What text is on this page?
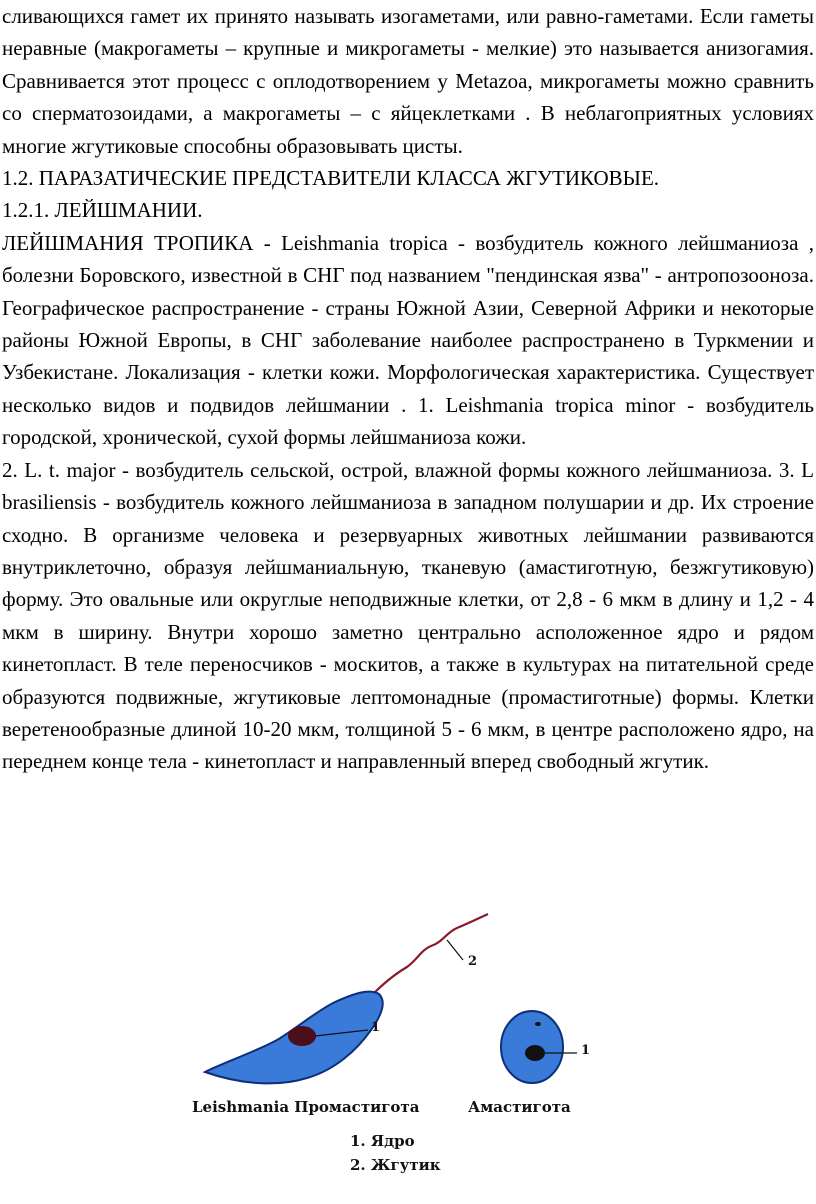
сливающихся гамет их принято называть изогаметами, или равно-гаметами. Если гаметы неравные (макрогаметы – крупные и микрогаметы - мелкие) это называется анизогамия. Сравнивается этот процесс с оплодотворением у Metazoa, микрогаметы можно сравнить со сперматозоидами, а макрогаметы – с яйцеклетками . В неблагоприятных условиях многие жгутиковые способны образовывать цисты.

1.2. ПАРАЗАТИЧЕСКИЕ ПРЕДСТАВИТЕЛИ КЛАССА ЖГУТИКОВЫЕ.

1.2.1. ЛЕЙШМАНИИ.

ЛЕЙШМАНИЯ ТРОПИКА - Leishmania tropica - возбудитель кожного лейшманиоза , болезни Боровского, известной в СНГ под названием "пендинская язва" - антропозооноза. Географическое распространение - страны Южной Азии, Северной Африки и некоторые районы Южной Европы, в СНГ заболевание наиболее распространено в Туркмении и Узбекистане. Локализация - клетки кожи. Морфологическая характеристика. Существует несколько видов и подвидов лейшмании . 1. Leishmania tropica minor - возбудитель городской, хронической, сухой формы лейшманиоза кожи.

2. L. t. major - возбудитель сельской, острой, влажной формы кожного лейшманиоза. 3. L brasiliensis - возбудитель кожного лейшманиоза в западном полушарии и др. Их строение сходно. В организме человека и резервуарных животных лейшмании развиваются внутриклеточно, образуя лейшманиальную, тканевую (амастиготную, безжгутиковую) форму. Это овальные или округлые неподвижные клетки, от 2,8 - 6 мкм в длину и 1,2 - 4 мкм в ширину. Внутри хорошо заметно центрально асположенное ядро и рядом кинетопласт. В теле переносчиков - москитов, а также в культурах на питательной среде образуются подвижные, жгутиковые лептомонадные (промастиготные) формы. Клетки веретенообразные длиной 10-20 мкм, толщиной 5 - 6 мкм, в центре расположено ядро, на переднем конце тела - кинетопласт и направленный вперед свободный жгутик.

1
2
1
Leishmania Промастигота	Амастигота
1. Ядро
2. Жгутик
